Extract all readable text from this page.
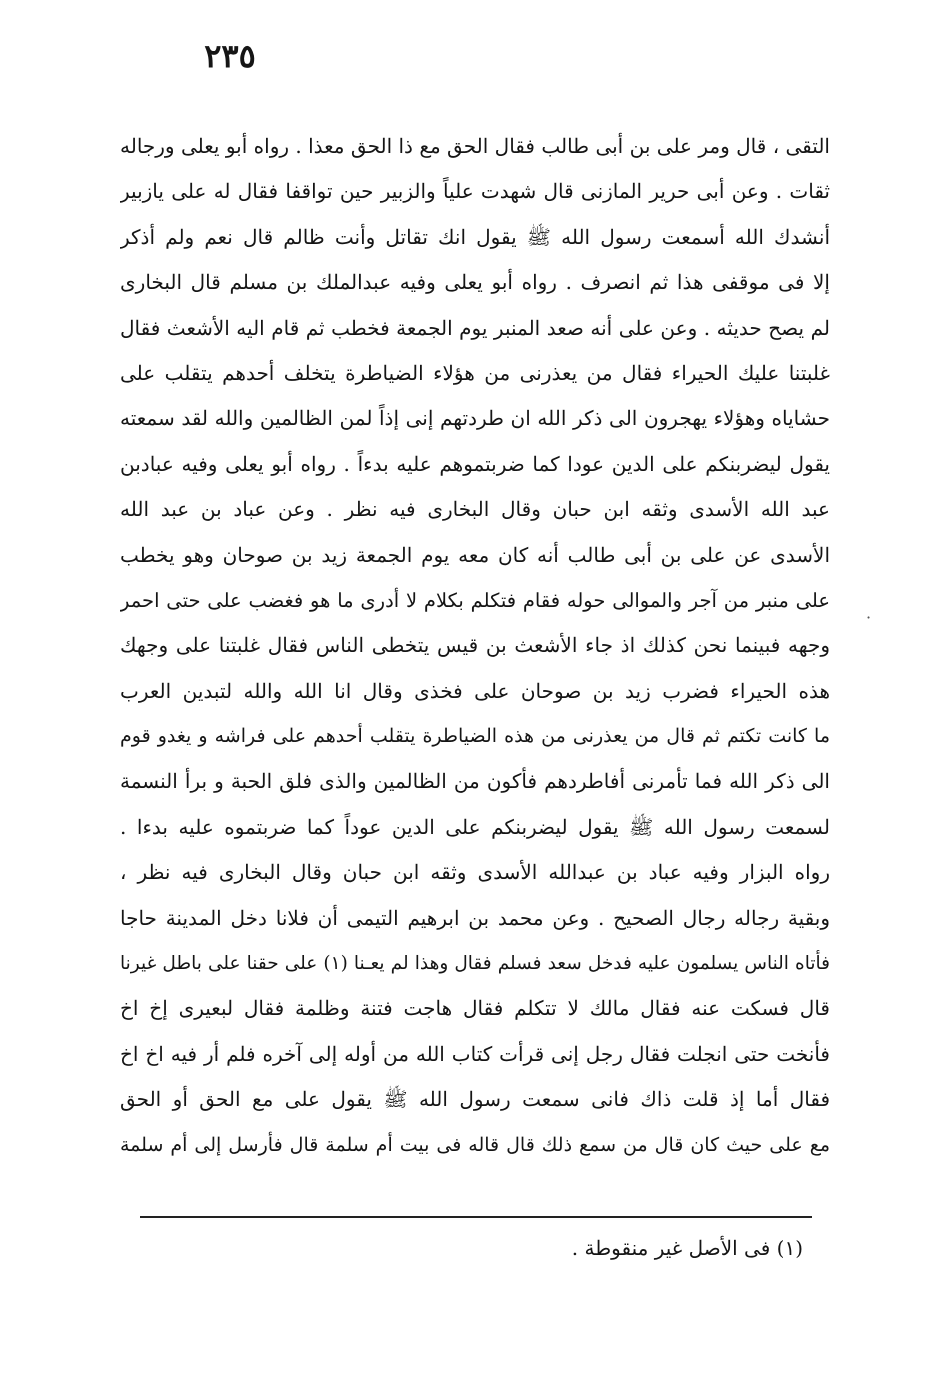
٢٣٥
التقى ، قال ومر على بن أبى طالب فقال الحق مع ذا الحق معذا . رواه أبو يعلى ورجاله
ثقات . وعن أبى حرير المازنى قال شهدت علياً والزبير حين تواقفا فقال له على يازبير
أنشدك الله أسمعت رسول الله ﷺ يقول انك تقاتل وأنت ظالم قال نعم ولم أذكر
إلا فى موقفى هذا ثم انصرف . رواه أبو يعلى وفيه عبدالملك بن مسلم قال البخارى
لم يصح حديثه . وعن على أنه صعد المنبر يوم الجمعة فخطب ثم قام اليه الأشعث فقال
غلبتنا عليك الحيراء فقال من يعذرنى من هؤلاء الضياطرة يتخلف أحدهم يتقلب على
حشاياه وهؤلاء يهجرون الى ذكر الله ان طردتهم إنى إذاً لمن الظالمين والله لقد سمعته
يقول ليضربنكم على الدين عودا كما ضربتموهم عليه بدءاً . رواه أبو يعلى وفيه عبادبن
عبد الله الأسدى وثقه ابن حبان وقال البخارى فيه نظر . وعن عباد بن عبد الله
الأسدى عن على بن أبى طالب أنه كان معه يوم الجمعة زيد بن صوحان وهو يخطب
على منبر من آجر والموالى حوله فقام فتكلم بكلام لا أدرى ما هو فغضب على حتى احمر
وجهه فبينما نحن كذلك اذ جاء الأشعث بن قيس يتخطى الناس فقال غلبتنا على وجهك
هذه الحيراء فضرب زيد بن صوحان على فخذى وقال انا الله والله لتبدين العرب
ما كانت تكتم ثم قال من يعذرنى من هذه الضياطرة يتقلب أحدهم على فراشه و يغدو قوم
الى ذكر الله فما تأمرنى أفاطردهم فأكون من الظالمين والذى فلق الحبة و برأ النسمة
لسمعت رسول الله ﷺ يقول ليضربنكم على الدين عوداً كما ضربتموه عليه بدءا .
رواه البزار وفيه عباد بن عبدالله الأسدى وثقه ابن حبان وقال البخارى فيه نظر ،
وبقية رجاله رجال الصحيح . وعن محمد بن ابرهيم التيمى أن فلانا دخل المدينة حاجا
فأتاه الناس يسلمون عليه فدخل سعد فسلم فقال وهذا لم يعـنا (١) على حقنا على باطل غيرنا
قال فسكت عنه فقال مالك لا تتكلم فقال هاجت فتنة وظلمة فقال لبعيرى إخ اخ
فأنخت حتى انجلت فقال رجل إنى قرأت كتاب الله من أوله إلى آخره فلم أر فيه اخ اخ
فقال أما إذ قلت ذاك فانى سمعت رسول الله ﷺ يقول على مع الحق أو الحق
مع على حيث كان قال من سمع ذلك قال قاله فى بيت أم سلمة قال فأرسل إلى أم سلمة
(١) فى الأصل غير منقوطة .
·
